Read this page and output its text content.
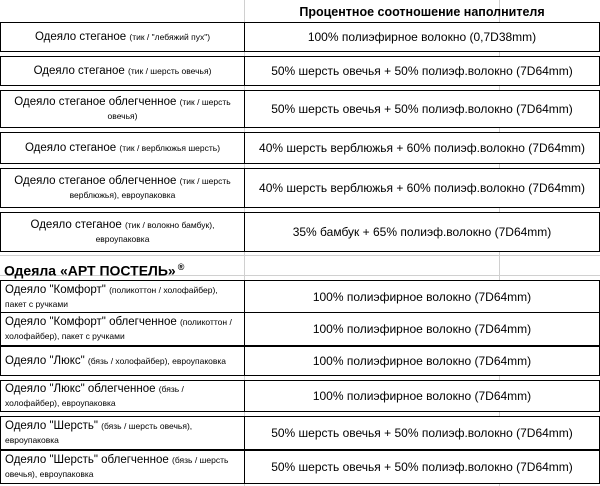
Процентное соотношение наполнителя
Одеяло стеганое (тик / "лебяжий пух")	100% полиэфирное волокно (0,7D38mm)
Одеяло стеганое (тик / шерсть овечья)	50% шерсть овечья + 50% полиэф.волокно (7D64mm)
Одеяло стеганое облегченное (тик / шерсть овечья)	50% шерсть овечья + 50% полиэф.волокно (7D64mm)
Одеяло стеганое (тик / верблюжья шерсть)	40% шерсть верблюжья + 60% полиэф.волокно (7D64mm)
Одеяло стеганое облегченное (тик / шерсть верблюжья), евроупаковка	40% шерсть верблюжья + 60% полиэф.волокно (7D64mm)
Одеяло стеганое (тик / волокно бамбук), евроупаковка	35% бамбук + 65% полиэф.волокно (7D64mm)
Одеяла «АРТ ПОСТЕЛЬ» ®
Одеяло "Комфорт" (поликоттон / холофайбер), пакет с ручками	100% полиэфирное волокно (7D64mm)
Одеяло "Комфорт" облегченное (поликоттон / холофайбер), пакет с ручками	100% полиэфирное волокно (7D64mm)
Одеяло "Люкс" (бязь / холофайбер), евроупаковка	100% полиэфирное волокно (7D64mm)
Одеяло "Люкс" облегченное (бязь / холофайбер), евроупаковка	100% полиэфирное волокно (7D64mm)
Одеяло "Шерсть" (бязь / шерсть овечья), евроупаковка	50% шерсть овечья + 50% полиэф.волокно (7D64mm)
Одеяло "Шерсть" облегченное (бязь / шерсть овечья), евроупаковка	50% шерсть овечья + 50% полиэф.волокно (7D64mm)
